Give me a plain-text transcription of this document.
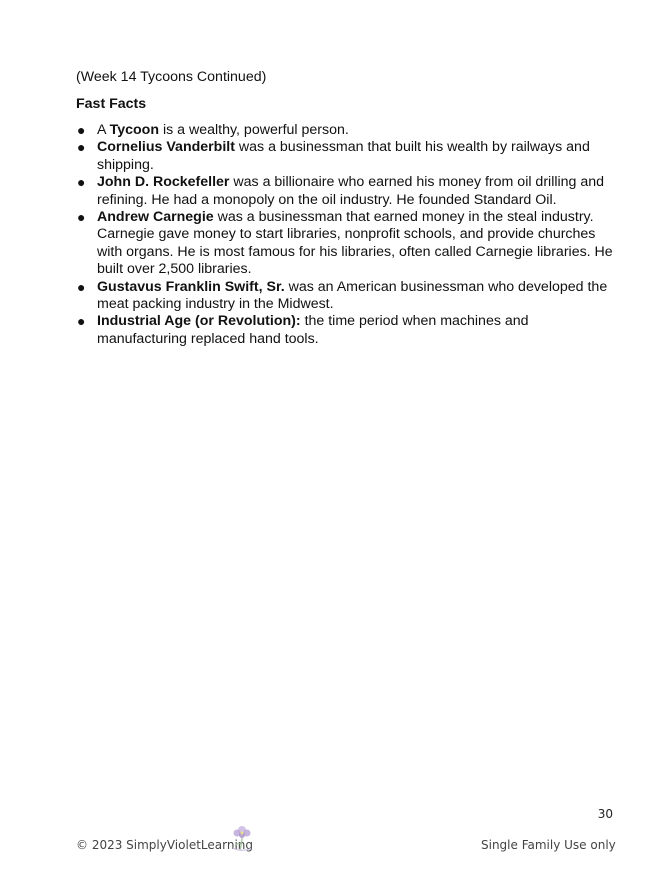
(Week 14 Tycoons Continued)
Fast Facts
● A Tycoon is a wealthy, powerful person.
● Cornelius Vanderbilt was a businessman that built his wealth by railways and shipping.
● John D. Rockefeller was a billionaire who earned his money from oil drilling and refining. He had a monopoly on the oil industry. He founded Standard Oil.
● Andrew Carnegie was a businessman that earned money in the steal industry. Carnegie gave money to start libraries, nonprofit schools, and provide churches with organs. He is most famous for his libraries, often called Carnegie libraries. He built over 2,500 libraries.
● Gustavus Franklin Swift, Sr. was an American businessman who developed the meat packing industry in the Midwest.
● Industrial Age (or Revolution): the time period when machines and manufacturing replaced hand tools.
30
© 2023 SimplyVioletLearning	Single Family Use only
